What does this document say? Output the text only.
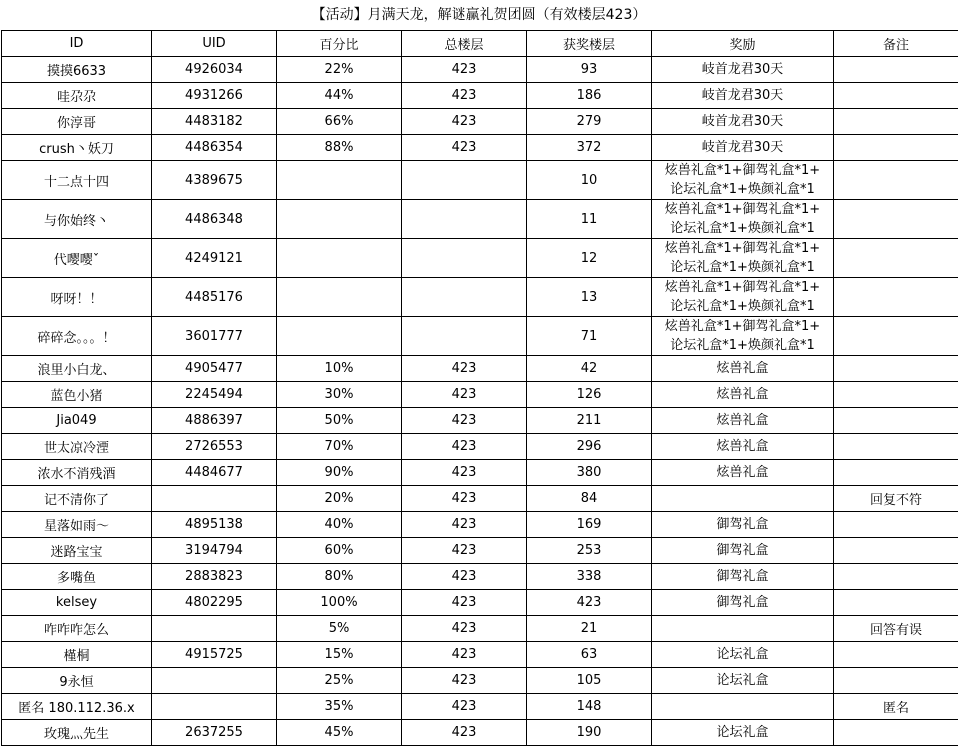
【活动】月满天龙，解谜赢礼贺团圆（有效楼层423）
ID	UID	百分比	总楼层	获奖楼层	奖励	备注
摸摸6633	4926034	22%	423	93	岐首龙君30天	

哇尕尕	4931266	44%	423	186	岐首龙君30天	

你淳哥	4483182	66%	423	279	岐首龙君30天	

crush丶妖刀	4486354	88%	423	372	岐首龙君30天	

十二点十四	4389675			10	炫兽礼盒*1+御驾礼盒*1+
论坛礼盒*1+焕颜礼盒*1	

与你始终丶	4486348			11	炫兽礼盒*1+御驾礼盒*1+
论坛礼盒*1+焕颜礼盒*1	

代嘤嘤ˇ	4249121			12	炫兽礼盒*1+御驾礼盒*1+
论坛礼盒*1+焕颜礼盒*1	

呀呀！！	4485176			13	炫兽礼盒*1+御驾礼盒*1+
论坛礼盒*1+焕颜礼盒*1	

碎碎念。。。！	3601777			71	炫兽礼盒*1+御驾礼盒*1+
论坛礼盒*1+焕颜礼盒*1	

浪里小白龙、	4905477	10%	423	42	炫兽礼盒	

蓝色小猪	2245494	30%	423	126	炫兽礼盒	

Jia049	4886397	50%	423	211	炫兽礼盒	

世太凉冷湮	2726553	70%	423	296	炫兽礼盒	

浓水不消残酒	4484677	90%	423	380	炫兽礼盒	

记不清你了		20%	423	84		回复不符
星落如雨～	4895138	40%	423	169	御驾礼盒	

迷路宝宝	3194794	60%	423	253	御驾礼盒	

多嘴鱼	2883823	80%	423	338	御驾礼盒	

kelsey	4802295	100%	423	423	御驾礼盒	

咋咋咋怎么		5%	423	21		回答有误
槿桐	4915725	15%	423	63	论坛礼盒	

9永恒		25%	423	105	论坛礼盒	

匿名 180.112.36.x		35%	423	148		匿名
玫瑰灬先生	2637255	45%	423	190	论坛礼盒	
